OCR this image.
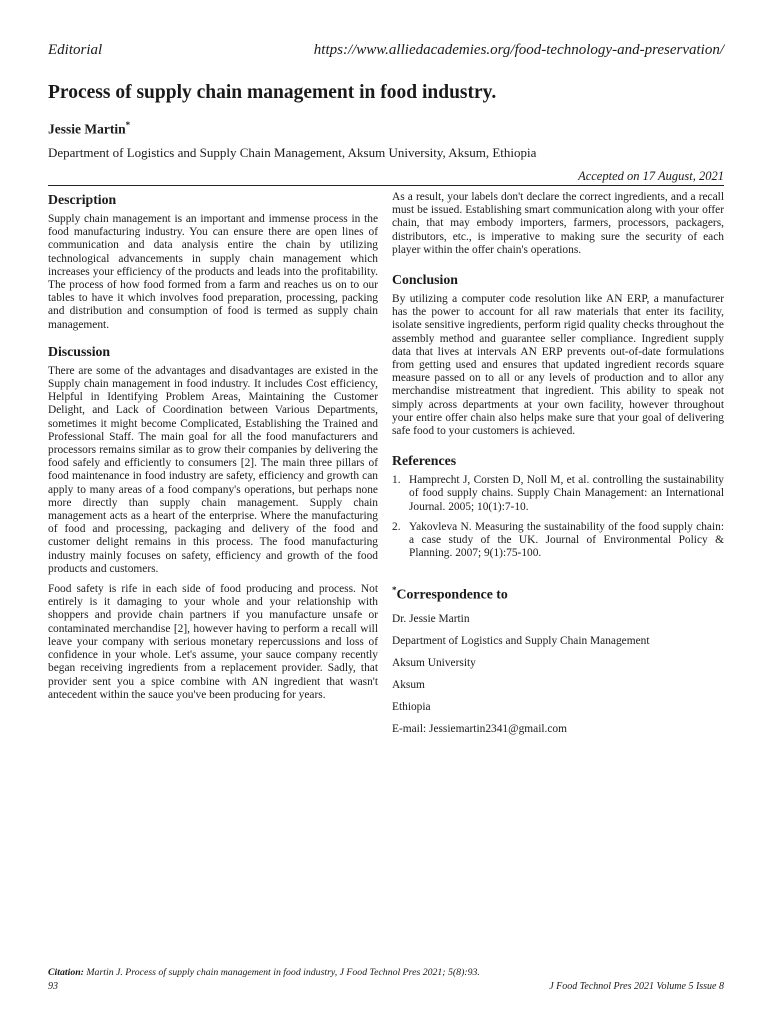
Editorial	https://www.alliedacademies.org/food-technology-and-preservation/
Process of supply chain management in food industry.
Jessie Martin*
Department of Logistics and Supply Chain Management, Aksum University, Aksum, Ethiopia
Accepted on 17 August, 2021
Description

Supply chain management is an important and immense process in the food manufacturing industry. You can ensure there are open lines of communication and data analysis entire the chain by utilizing technological advancements in supply chain management which increases your efficiency of the products and leads into the profitability. The process of how food formed from a farm and reaches us on to our tables to have it which involves food preparation, processing, packing and distribution and consumption of food is termed as supply chain management.

Discussion

There are some of the advantages and disadvantages are existed in the Supply chain management in food industry. It includes Cost efficiency, Helpful in Identifying Problem Areas, Maintaining the Customer Delight, and Lack of Coordination between Various Departments, sometimes it might become Complicated, Establishing the Trained and Professional Staff. The main goal for all the food manufacturers and processors remains similar as to grow their companies by delivering the food safely and efficiently to consumers [2]. The main three pillars of food maintenance in food industry are safety, efficiency and growth can apply to many areas of a food company's operations, but perhaps none more directly than supply chain management. Supply chain management acts as a heart of the enterprise. Where the manufacturing of food and processing, packaging and delivery of the food and customer delight remains in this process. The food manufacturing industry mainly focuses on safety, efficiency and growth of the food products and customers.

Food safety is rife in each side of food producing and process. Not entirely is it damaging to your whole and your relationship with shoppers and provide chain partners if you manufacture unsafe or contaminated merchandise [2], however having to perform a recall will leave your company with serious monetary repercussions and loss of confidence in your whole. Let's assume, your sauce company recently began receiving ingredients from a replacement provider. Sadly, that provider sent you a spice combine with AN ingredient that wasn't antecedent within the sauce you've been producing for years.

As a result, your labels don't declare the correct ingredients, and a recall must be issued. Establishing smart communication along with your offer chain, that may embody importers, farmers, processors, packagers, distributors, etc., is imperative to making sure the security of each player within the offer chain's operations.

Conclusion

By utilizing a computer code resolution like AN ERP, a manufacturer has the power to account for all raw materials that enter its facility, isolate sensitive ingredients, perform rigid quality checks throughout the assembly method and guarantee seller compliance. Ingredient supply data that lives at intervals AN ERP prevents out-of-date formulations from getting used and ensures that updated ingredient records square measure passed on to all or any levels of production and to allor any merchandise mistreatment that ingredient. This ability to speak not simply across departments at your own facility, however throughout your entire offer chain also helps make sure that your goal of delivering safe food to your customers is achieved.

References
1. Hamprecht J, Corsten D, Noll M, et al. controlling the sustainability of food supply chains. Supply Chain Management: an International Journal. 2005; 10(1):7-10.
2. Yakovleva N. Measuring the sustainability of the food supply chain: a case study of the UK. Journal of Environmental Policy & Planning. 2007; 9(1):75-100.
*Correspondence to

Dr. Jessie Martin

Department of Logistics and Supply Chain Management

Aksum University

Aksum

Ethiopia

E-mail: Jessiemartin2341@gmail.com

Citation: Martin J. Process of supply chain management in food industry, J Food Technol Pres 2021; 5(8):93.
93	J Food Technol Pres 2021 Volume 5 Issue 8
